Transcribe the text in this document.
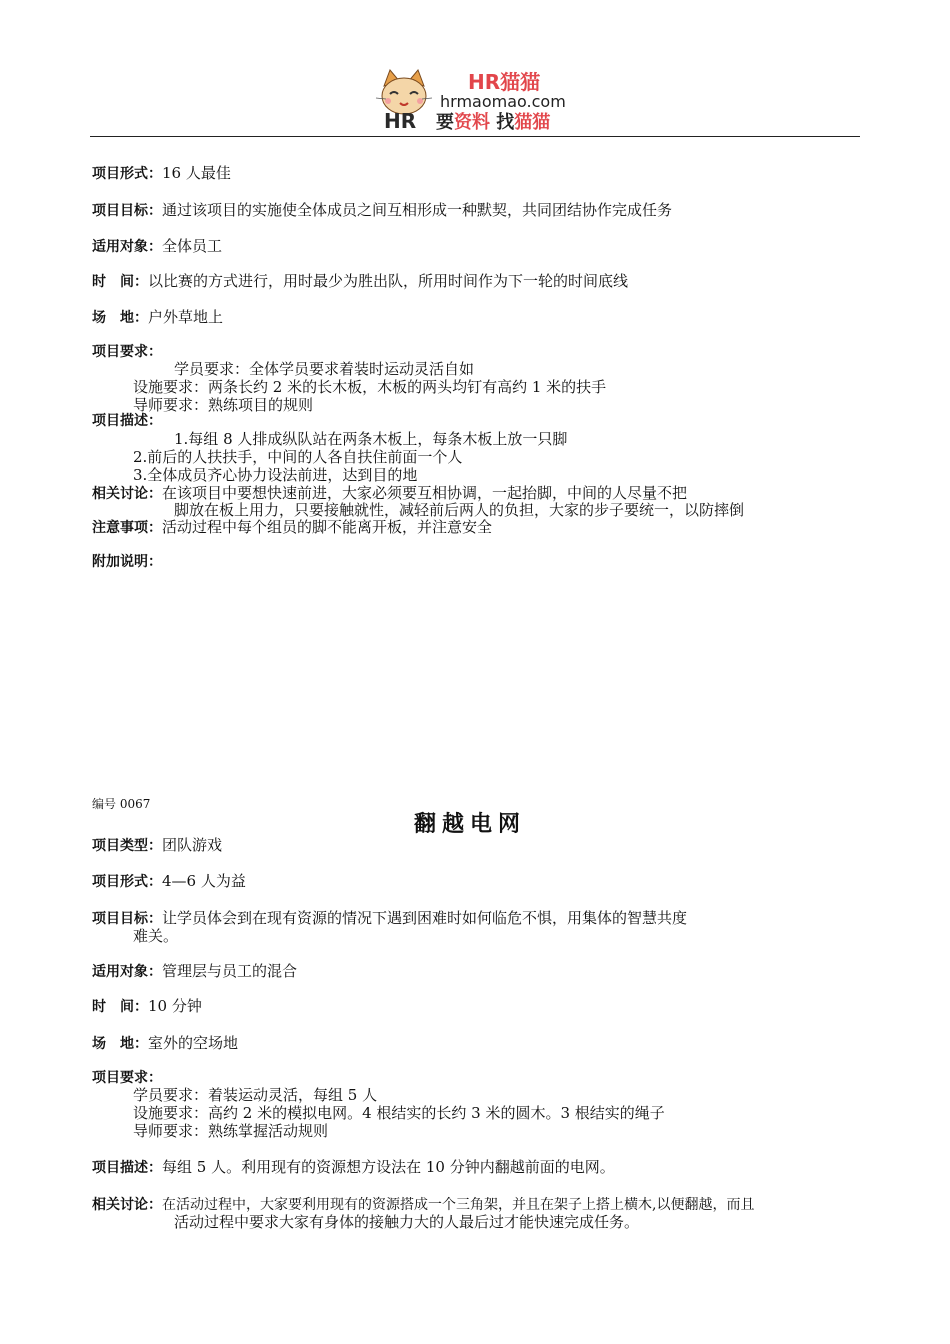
HR
HR猫猫
hrmaomao.com
要资料 找猫猫
项目形式：16 人最佳
项目目标：通过该项目的实施使全体成员之间互相形成一种默契，共同团结协作完成任务
适用对象：全体员工
时　间：以比赛的方式进行，用时最少为胜出队，所用时间作为下一轮的时间底线
场　地：户外草地上
项目要求：
学员要求：全体学员要求着装时运动灵活自如
设施要求：两条长约 2 米的长木板，木板的两头均钉有高约 1 米的扶手
导师要求：熟练项目的规则
项目描述：
1.每组 8 人排成纵队站在两条木板上，每条木板上放一只脚
2.前后的人扶扶手，中间的人各自扶住前面一个人
3.全体成员齐心协力设法前进，达到目的地
相关讨论：在该项目中要想快速前进，大家必须要互相协调，一起抬脚，中间的人尽量不把
脚放在板上用力，只要接触就性，减轻前后两人的负担，大家的步子要统一，以防摔倒
注意事项：活动过程中每个组员的脚不能离开板，并注意安全
附加说明：
编号 0067
翻越电网
项目类型：团队游戏
项目形式：4—6 人为益
项目目标：让学员体会到在现有资源的情况下遇到困难时如何临危不惧，用集体的智慧共度
难关。
适用对象：管理层与员工的混合
时　间：10 分钟
场　地：室外的空场地
项目要求：
学员要求：着装运动灵活，每组 5 人
设施要求：高约 2 米的模拟电网。4 根结实的长约 3 米的圆木。3 根结实的绳子
导师要求：熟练掌握活动规则
项目描述：每组 5 人。利用现有的资源想方设法在 10 分钟内翻越前面的电网。
相关讨论：在活动过程中，大家要利用现有的资源搭成一个三角架，并且在架子上搭上横木,以便翻越，而且
活动过程中要求大家有身体的接触力大的人最后过才能快速完成任务。
